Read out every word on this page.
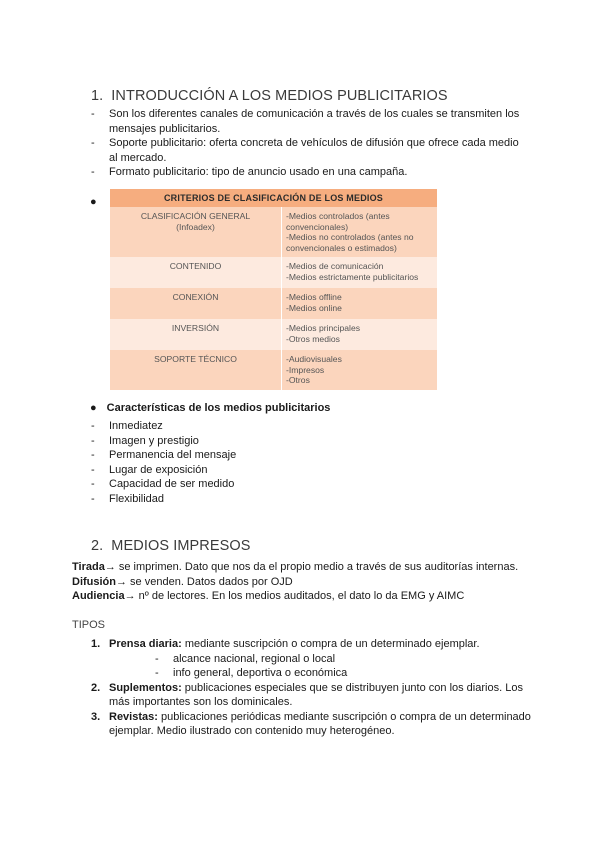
1. INTRODUCCIÓN A LOS MEDIOS PUBLICITARIOS
- Son los diferentes canales de comunicación a través de los cuales se transmiten los mensajes publicitarios.
- Soporte publicitario: oferta concreta de vehículos de difusión que ofrece cada medio al mercado.
- Formato publicitario: tipo de anuncio usado en una campaña.
●	CRITERIOS DE CLASIFICACIÓN DE LOS MEDIOS	

CLASIFICACIÓN GENERAL
(Infoadex)	-Medios controlados (antes convencionales)
-Medios no controlados (antes no convencionales o estimados)

CONTENIDO	-Medios de comunicación
-Medios estrictamente publicitarios

CONEXIÓN	-Medios offline
-Medios online

INVERSIÓN	-Medios principales
-Otros medios

SOPORTE TÉCNICO	-Audiovisuales
-Impresos
-Otros
● Características de los medios publicitarios
- Inmediatez
- Imagen y prestigio
- Permanencia del mensaje
- Lugar de exposición
- Capacidad de ser medido
- Flexibilidad
2. MEDIOS IMPRESOS
Tirada→ se imprimen. Dato que nos da el propio medio a través de sus auditorías internas.
Difusión→ se venden. Datos dados por OJD
Audiencia→ nº de lectores. En los medios auditados, el dato lo da EMG y AIMC
TIPOS
1. Prensa diaria: mediante suscripción o compra de un determinado ejemplar.
- alcance nacional, regional o local
- info general, deportiva o económica
2. Suplementos: publicaciones especiales que se distribuyen junto con los diarios. Los más importantes son los dominicales.
3. Revistas: publicaciones periódicas mediante suscripción o compra de un determinado ejemplar. Medio ilustrado con contenido muy heterogéneo.
